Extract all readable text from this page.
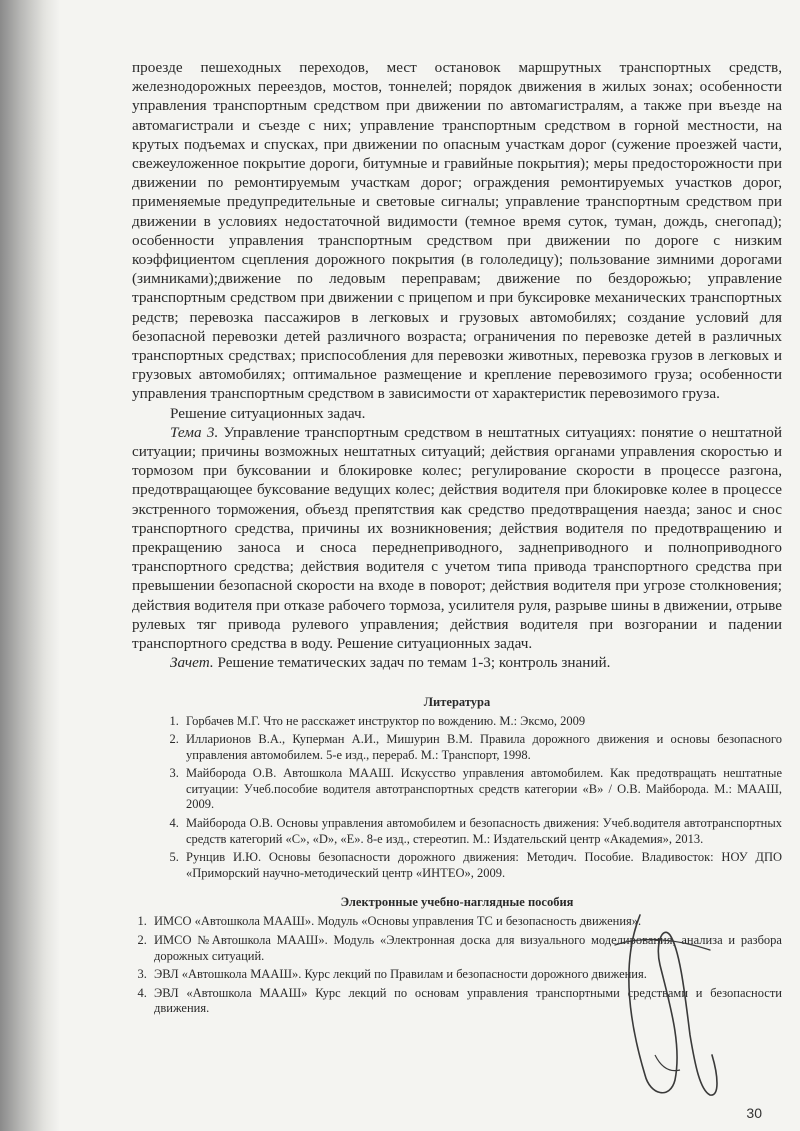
проезде пешеходных переходов, мест остановок маршрутных транспортных средств, железнодорожных переездов, мостов, тоннелей; порядок движения в жилых зонах; особенности управления транспортным средством при движении по автомагистралям, а также при въезде на автомагистрали и съезде с них; управление транспортным средством в горной местности, на крутых подъемах и спусках, при движении по опасным участкам дорог (сужение проезжей части, свежеуложенное покрытие дороги, битумные и гравийные покрытия); меры предосторожности при движении по ремонтируемым участкам дорог; ограждения ремонтируемых участков дорог, применяемые предупредительные и световые сигналы; управление транспортным средством при движении в условиях недостаточной видимости (темное время суток, туман, дождь, снегопад); особенности управления транспортным средством при движении по дороге с низким коэффициентом сцепления дорожного покрытия (в гололедицу); пользование зимними дорогами (зимниками);движение по ледовым переправам; движение по бездорожью; управление транспортным средством при движении с прицепом и при буксировке механических транспортных редств; перевозка пассажиров в легковых и грузовых автомобилях; создание условий для безопасной перевозки детей различного возраста; ограничения по перевозке детей в различных транспортных средствах; приспособления для перевозки животных, перевозка грузов в легковых и грузовых автомобилях; оптимальное размещение и крепление перевозимого груза; особенности управления транспортным средством в зависимости от характеристик перевозимого груза.

Решение ситуационных задач.

Тема 3. Управление транспортным средством в нештатных ситуациях: понятие о нештатной ситуации; причины возможных нештатных ситуаций; действия органами управления скоростью и тормозом при буксовании и блокировке колес; регулирование скорости в процессе разгона, предотвращающее буксование ведущих колес; действия водителя при блокировке колее в процессе экстренного торможения, объезд препятствия как средство предотвращения наезда; занос и снос транспортного средства, причины их возникновения; действия водителя по предотвращению и прекращению заноса и сноса переднеприводного, заднеприводного и полноприводного транспортного средства; действия водителя с учетом типа привода транспортного средства при превышении безопасной скорости на входе в поворот; действия водителя при угрозе столкновения; действия водителя при отказе рабочего тормоза, усилителя руля, разрыве шины в движении, отрыве рулевых тяг привода рулевого управления; действия водителя при возгорании и падении транспортного средства в воду. Решение ситуационных задач.

Зачет. Решение тематических задач по темам 1-3; контроль знаний.

Литература
1. Горбачев М.Г. Что не расскажет инструктор по вождению. М.: Эксмо, 2009
2. Илларионов В.А., Куперман А.И., Мишурин В.М. Правила дорожного движения и основы безопасного управления автомобилем. 5-е изд., перераб. М.: Транспорт, 1998.
3. Майборода О.В. Автошкола МААШ. Искусство управления автомобилем. Как предотвращать нештатные ситуации: Учеб.пособие водителя автотранспортных средств категории «В» / О.В. Майборода. М.: МААШ, 2009.
4. Майборода О.В. Основы управления автомобилем и безопасность движения: Учеб.водителя автотранспортных средств категорий «С», «D», «Е». 8-е изд., стереотип. М.: Издательский центр «Академия», 2013.
5. Рунцив И.Ю. Основы безопасности дорожного движения: Методич. Пособие. Владивосток: НОУ ДПО «Приморский научно-методический центр «ИНТЕО», 2009.
Электронные учебно-наглядные пособия
1. ИМСО «Автошкола МААШ». Модуль «Основы управления ТС и безопасность движения».
2. ИМСО №Автошкола МААШ». Модуль «Электронная доска для визуального моделирования, анализа и разбора дорожных ситуаций.
3. ЭВЛ «Автошкола МААШ». Курс лекций по Правилам и безопасности дорожного движения.
4. ЭВЛ «Автошкола МААШ» Курс лекций по основам управления транспортными средствами и безопасности движения.
30
